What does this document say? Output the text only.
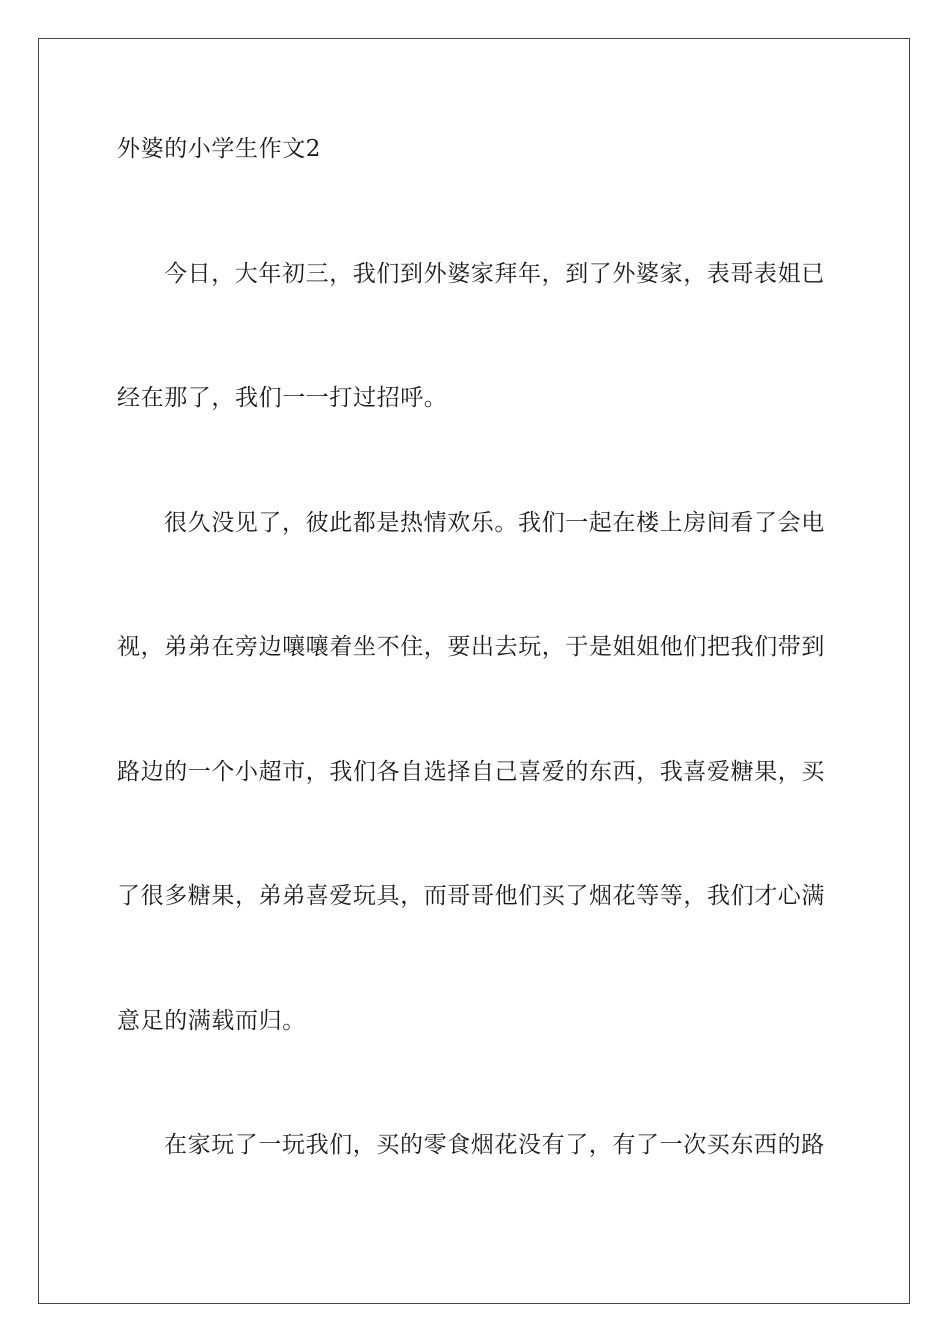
外婆的小学生作文2

今日，大年初三，我们到外婆家拜年，到了外婆家，表哥表姐已

经在那了，我们一一打过招呼。

很久没见了，彼此都是热情欢乐。我们一起在楼上房间看了会电

视，弟弟在旁边嚷嚷着坐不住，要出去玩，于是姐姐他们把我们带到

路边的一个小超市，我们各自选择自己喜爱的东西，我喜爱糖果，买

了很多糖果，弟弟喜爱玩具，而哥哥他们买了烟花等等，我们才心满

意足的满载而归。

在家玩了一玩我们，买的零食烟花没有了，有了一次买东西的路
